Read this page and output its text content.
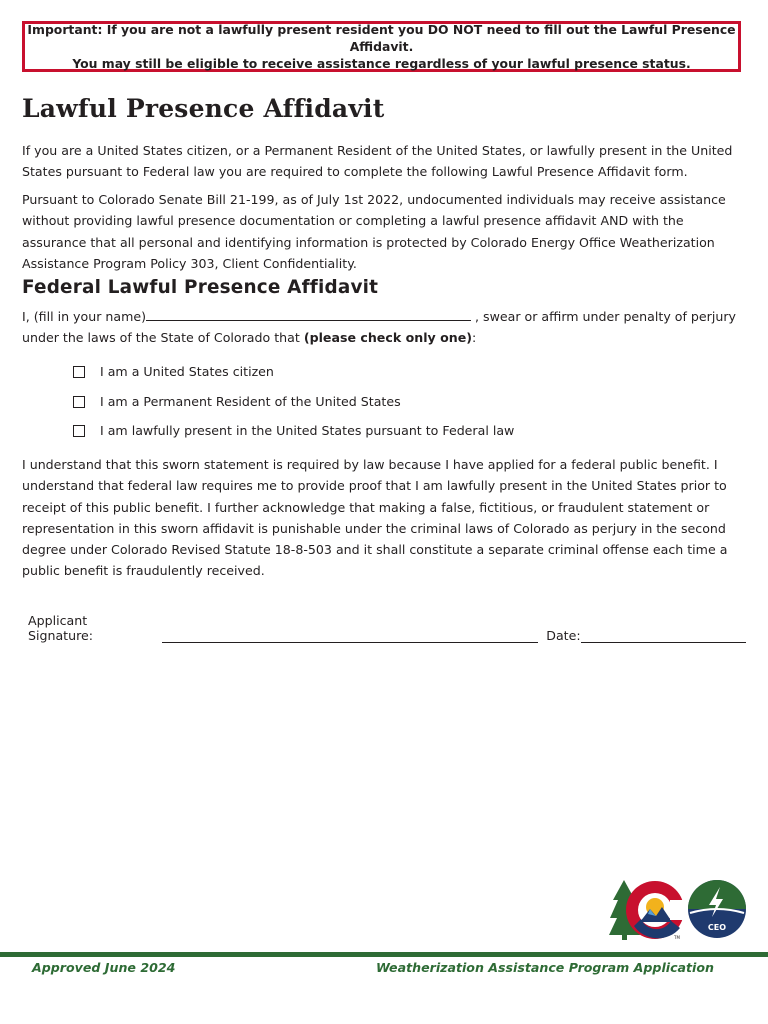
Important: If you are not a lawfully present resident you DO NOT need to fill out the Lawful Presence Affidavit.
You may still be eligible to receive assistance regardless of your lawful presence status.
Lawful Presence Affidavit

If you are a United States citizen, or a Permanent Resident of the United States, or lawfully present in the United States pursuant to Federal law you are required to complete the following Lawful Presence Affidavit form.

Pursuant to Colorado Senate Bill 21-199, as of July 1st 2022, undocumented individuals may receive assistance without providing lawful presence documentation or completing a lawful presence affidavit AND with the assurance that all personal and identifying information is protected by Colorado Energy Office Weatherization Assistance Program Policy 303, Client Confidentiality.

Federal Lawful Presence Affidavit

I, (fill in your name)	, swear or affirm under penalty of perjury under the laws of the State of Colorado that (please check only one):

I am a United States citizen
I am a Permanent Resident of the United States
I am lawfully present in the United States pursuant to Federal law

I understand that this sworn statement is required by law because I have applied for a federal public benefit. I understand that federal law requires me to provide proof that I am lawfully present in the United States prior to receipt of this public benefit. I further acknowledge that making a false, fictitious, or fraudulent statement or representation in this sworn affidavit is punishable under the criminal laws of Colorado as perjury in the second degree under Colorado Revised Statute 18-8-503 and it shall constitute a separate criminal offense each time a public benefit is fraudulently received.

Applicant Signature:	Date:
TM
CEO
Approved June 2024	Weatherization Assistance Program Application
